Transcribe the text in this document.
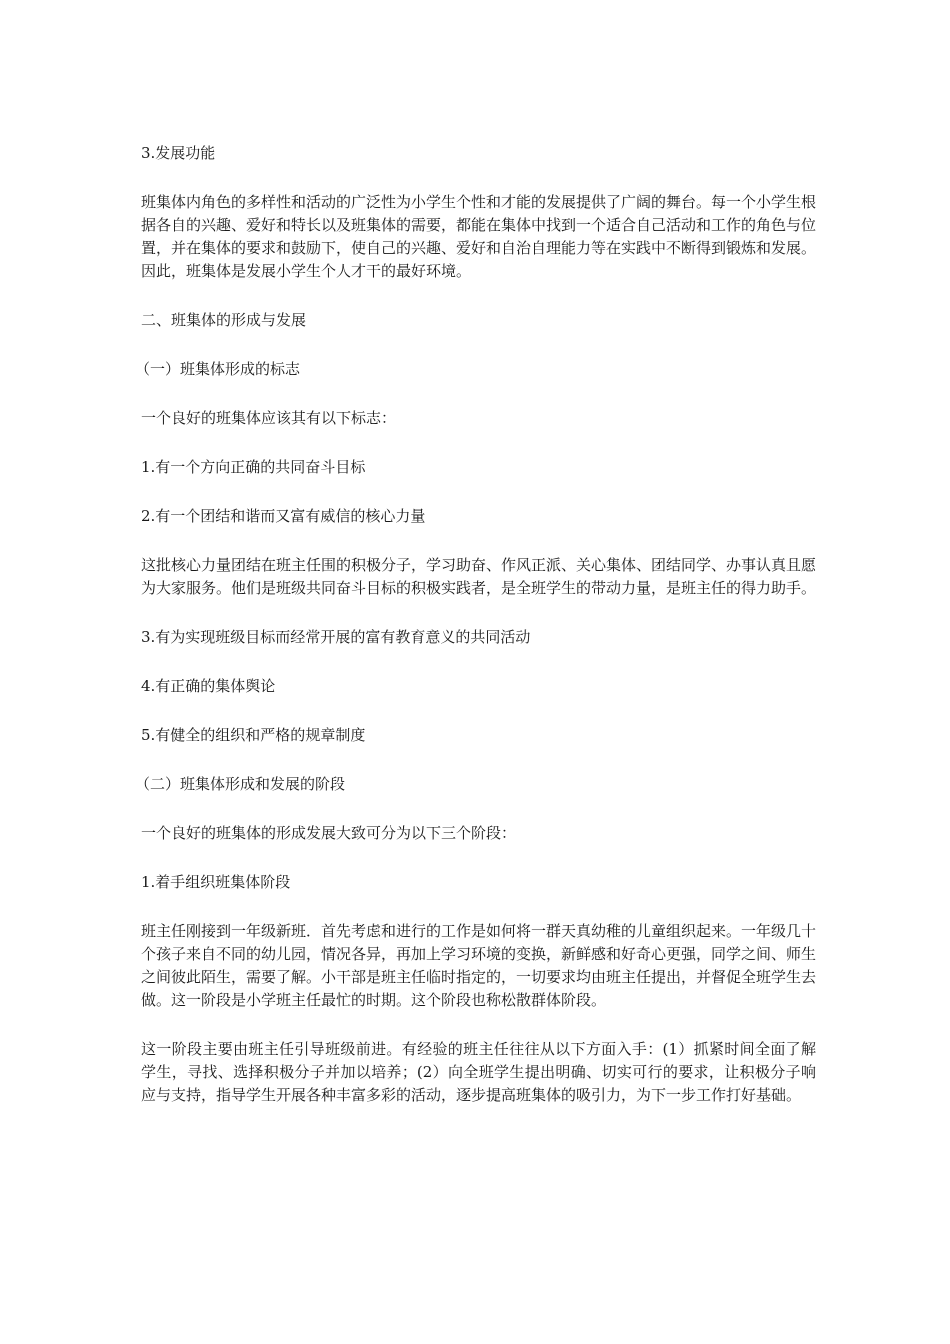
3.发展功能

班集体内角色的多样性和活动的广泛性为小学生个性和才能的发展提供了广阔的舞台。每一个小学生根据各自的兴趣、爱好和特长以及班集体的需要，都能在集体中找到一个适合自己活动和工作的角色与位置，并在集体的要求和鼓励下，使自己的兴趣、爱好和自治自理能力等在实践中不断得到锻炼和发展。因此，班集体是发展小学生个人才干的最好环境。

二、班集体的形成与发展

（一）班集体形成的标志

一个良好的班集体应该其有以下标志：

1.有一个方向正确的共同奋斗目标

2.有一个团结和谐而又富有威信的核心力量

这批核心力量团结在班主任围的积极分子，学习助奋、作风正派、关心集体、团结同学、办事认真且愿为大家服务。他们是班级共同奋斗目标的积极实践者，是全班学生的带动力量，是班主任的得力助手。

3.有为实现班级目标而经常开展的富有教育意义的共同活动

4.有正确的集体舆论

5.有健全的组织和严格的规章制度

（二）班集体形成和发展的阶段

一个良好的班集体的形成发展大致可分为以下三个阶段：

1.着手组织班集体阶段

班主任刚接到一年级新班．首先考虑和进行的工作是如何将一群天真幼稚的儿童组织起来。一年级几十个孩子来自不同的幼儿园，情况各异，再加上学习环境的变换，新鲜感和好奇心更强，同学之间、师生之间彼此陌生，需要了解。小干部是班主任临时指定的，一切要求均由班主任提出，并督促全班学生去做。这一阶段是小学班主任最忙的时期。这个阶段也称松散群体阶段。

这一阶段主要由班主任引导班级前进。有经验的班主任往往从以下方面入手：(1）抓紧时间全面了解学生，寻找、选择积极分子并加以培养；(2）向全班学生提出明确、切实可行的要求，让积极分子响应与支持，指导学生开展各种丰富多彩的活动，逐步提高班集体的吸引力，为下一步工作打好基础。
